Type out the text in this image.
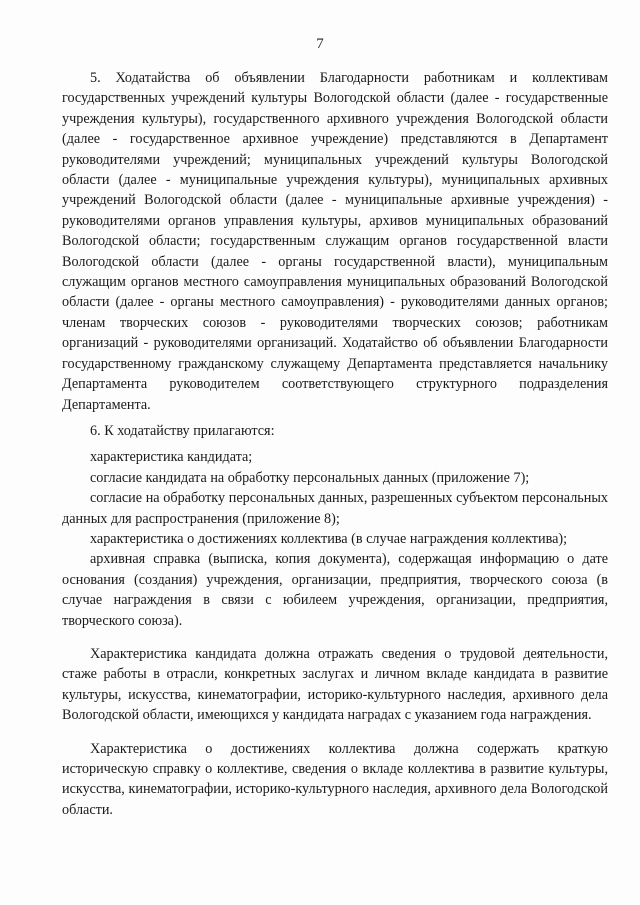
7

5. Ходатайства об объявлении Благодарности работникам и коллективам государственных учреждений культуры Вологодской области (далее - государственные учреждения культуры), государственного архивного учреждения Вологодской области (далее - государственное архивное учреждение) представляются в Департамент руководителями учреждений; муниципальных учреждений культуры Вологодской области (далее - муниципальные учреждения культуры), муниципальных архивных учреждений Вологодской области (далее - муниципальные архивные учреждения) - руководителями органов управления культуры, архивов муниципальных образований Вологодской области; государственным служащим органов государственной власти Вологодской области (далее - органы государственной власти), муниципальным служащим органов местного самоуправления муниципальных образований Вологодской области (далее - органы местного самоуправления) - руководителями данных органов; членам творческих союзов - руководителями творческих союзов; работникам организаций - руководителями организаций. Ходатайство об объявлении Благодарности государственному гражданскому служащему Департамента представляется начальнику Департамента руководителем соответствующего структурного подразделения Департамента.

6. К ходатайству прилагаются:

характеристика кандидата;

согласие кандидата на обработку персональных данных (приложение 7);

согласие на обработку персональных данных, разрешенных субъектом персональных данных для распространения (приложение 8);

характеристика о достижениях коллектива (в случае награждения коллектива);

архивная справка (выписка, копия документа), содержащая информацию о дате основания (создания) учреждения, организации, предприятия, творческого союза (в случае награждения в связи с юбилеем учреждения, организации, предприятия, творческого союза).

Характеристика кандидата должна отражать сведения о трудовой деятельности, стаже работы в отрасли, конкретных заслугах и личном вкладе кандидата в развитие культуры, искусства, кинематографии, историко-культурного наследия, архивного дела Вологодской области, имеющихся у кандидата наградах с указанием года награждения.

Характеристика о достижениях коллектива должна содержать краткую историческую справку о коллективе, сведения о вкладе коллектива в развитие культуры, искусства, кинематографии, историко-культурного наследия, архивного дела Вологодской области.
